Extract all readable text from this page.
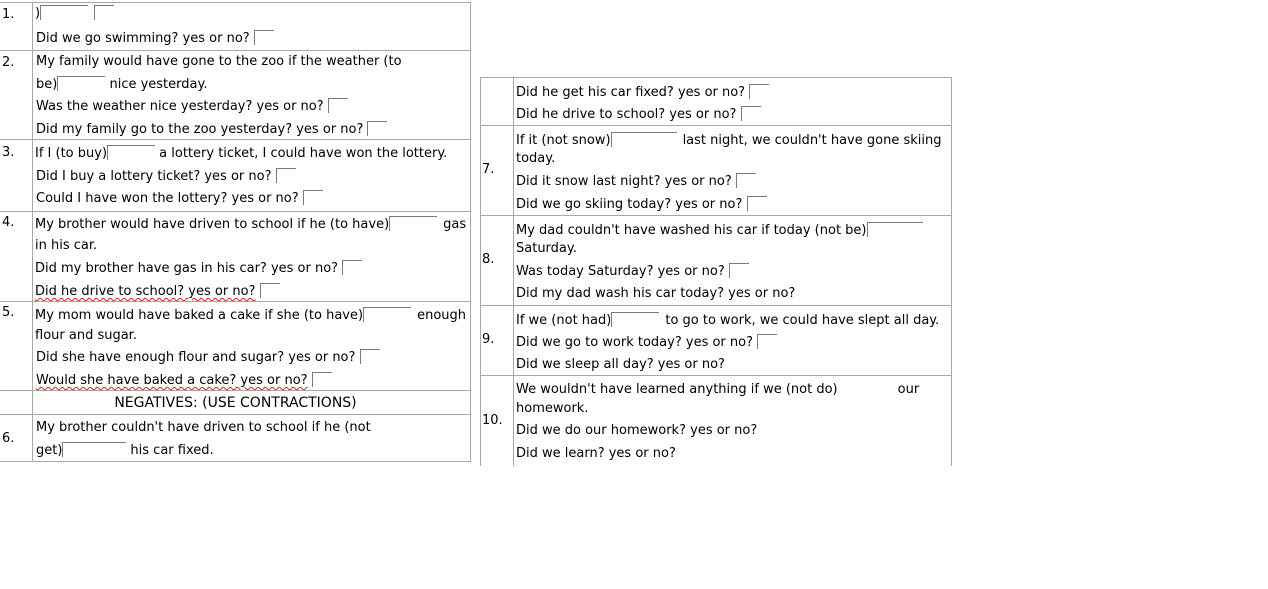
1. )
Did we go swimming? yes or no?
2. My family would have gone to the zoo if the weather (to
be)	nice yesterday.
Was the weather nice yesterday? yes or no?
Did my family go to the zoo yesterday? yes or no?
3. If I (to buy)	a lottery ticket, I could have won the lottery.
Did I buy a lottery ticket? yes or no?
Could I have won the lottery? yes or no?
4. My brother would have driven to school if he (to have)	gas
in his car.
Did my brother have gas in his car? yes or no?
Did he drive to school? yes or no?
5. My mom would have baked a cake if she (to have)	enough
flour and sugar.
Did she have enough flour and sugar? yes or no?
Would she have baked a cake? yes or no?
NEGATIVES: (USE CONTRACTIONS)
6.
My brother couldn't have driven to school if he (not
get)	his car fixed.
Did he get his car fixed? yes or no?
Did he drive to school? yes or no?
7.
If it (not snow)	last night, we couldn't have gone skiing
today.
Did it snow last night? yes or no?
Did we go skiing today? yes or no?
8.
My dad couldn't have washed his car if today (not be)
Saturday.
Was today Saturday? yes or no?
Did my dad wash his car today? yes or no?
9.
If we (not had)	to go to work, we could have slept all day.
Did we go to work today? yes or no?
Did we sleep all day? yes or no?
10.
We wouldn't have learned anything if we (not do)	our
homework.
Did we do our homework? yes or no?
Did we learn? yes or no?
